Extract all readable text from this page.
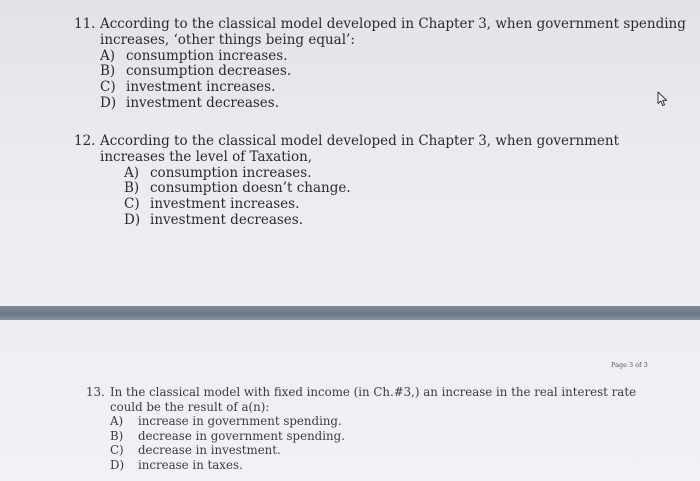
11. According to the classical model developed in Chapter 3, when government spending
increases, ‘other things being equal’:
A) consumption increases.
B) consumption decreases.
C) investment increases.
D) investment decreases.
12. According to the classical model developed in Chapter 3, when government
increases the level of Taxation,
A) consumption increases.
B) consumption doesn’t change.
C) investment increases.
D) investment decreases.
Page 3 of 3
13. In the classical model with fixed income (in Ch.#3,) an increase in the real interest rate
could be the result of a(n):
A)	increase in government spending.
B)	decrease in government spending.
C)	decrease in investment.
D)	increase in taxes.
